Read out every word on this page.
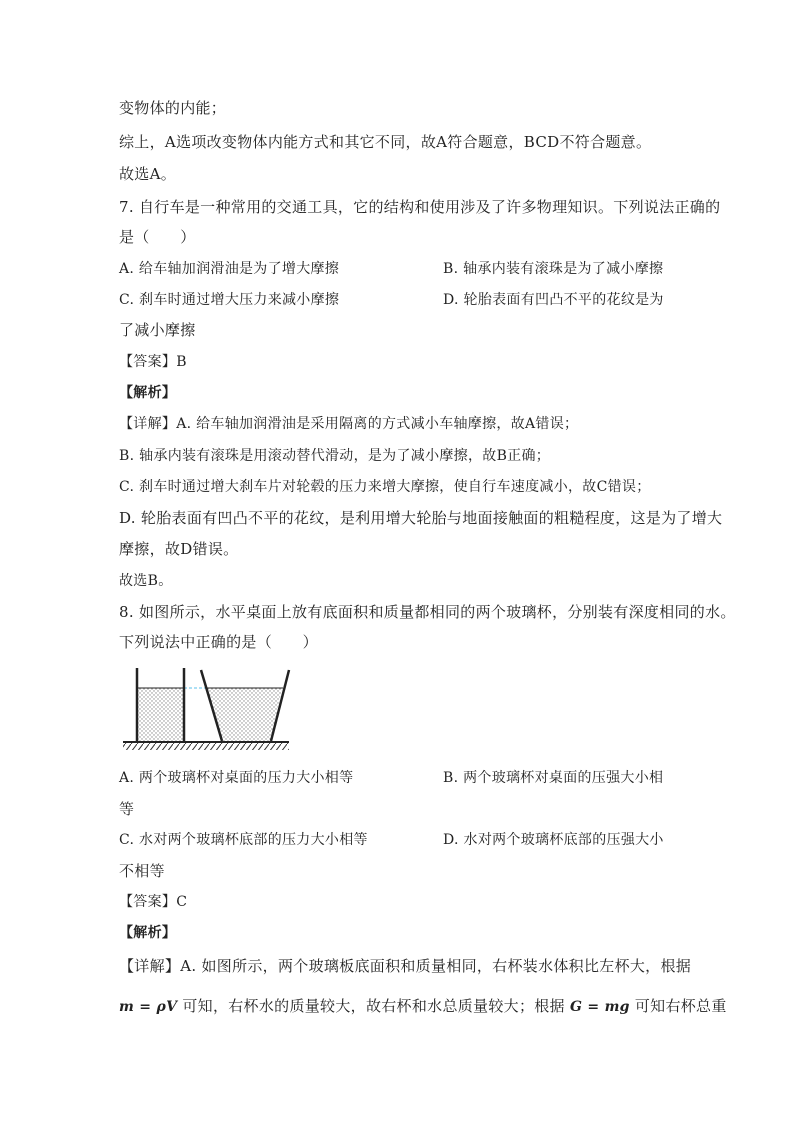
变物体的内能；
综上，A选项改变物体内能方式和其它不同，故A符合题意，BCD不符合题意。
故选A。
7. 自行车是一种常用的交通工具，它的结构和使用涉及了许多物理知识。下列说法正确的
是（　　）
A. 给车轴加润滑油是为了增大摩擦	B. 轴承内装有滚珠是为了减小摩擦
C. 刹车时通过增大压力来减小摩擦	D. 轮胎表面有凹凸不平的花纹是为
了减小摩擦
【答案】B
【解析】
【详解】A. 给车轴加润滑油是采用隔离的方式减小车轴摩擦，故A错误；
B. 轴承内装有滚珠是用滚动替代滑动，是为了减小摩擦，故B正确；
C. 刹车时通过增大刹车片对轮毂的压力来增大摩擦，使自行车速度减小，故C错误；
D. 轮胎表面有凹凸不平的花纹，是利用增大轮胎与地面接触面的粗糙程度，这是为了增大
摩擦，故D错误。
故选B。
8. 如图所示，水平桌面上放有底面积和质量都相同的两个玻璃杯，分别装有深度相同的水。
下列说法中正确的是（　　）
A. 两个玻璃杯对桌面的压力大小相等	B. 两个玻璃杯对桌面的压强大小相
等
C. 水对两个玻璃杯底部的压力大小相等	D. 水对两个玻璃杯底部的压强大小
不相等
【答案】C
【解析】
【详解】A. 如图所示，两个玻璃板底面积和质量相同，右杯装水体积比左杯大，根据
m = ρV 可知，右杯水的质量较大，故右杯和水总质量较大；根据 G = mg 可知右杯总重
